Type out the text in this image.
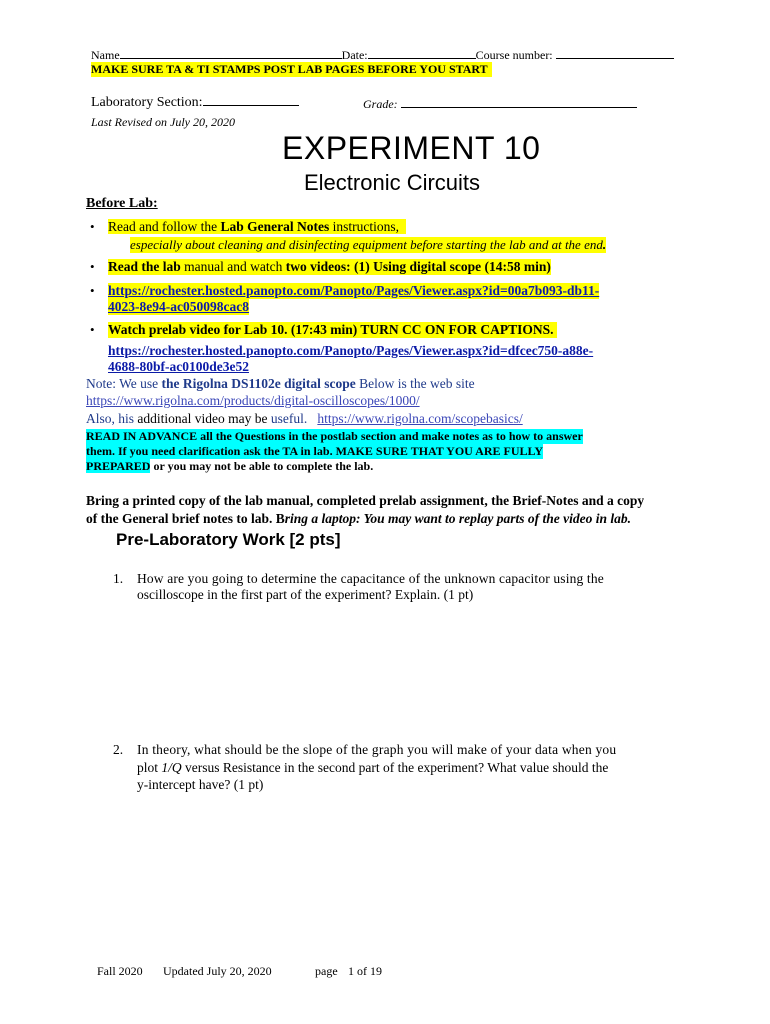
Name	Date:	Course number:
MAKE SURE TA & TI STAMPS POST LAB PAGES BEFORE YOU START
Laboratory Section:	Grade:
Last Revised on July 20, 2020
EXPERIMENT 10
Electronic Circuits
Before Lab:
• Read and follow the Lab General Notes instructions,
especially about cleaning and disinfecting equipment before starting the lab and at the end.
• Read the lab manual and watch two videos: (1) Using digital scope (14:58 min)
• https://rochester.hosted.panopto.com/Panopto/Pages/Viewer.aspx?id=00a7b093-db11-
4023-8e94-ac050098cac8
• Watch prelab video for Lab 10. (17:43 min) TURN CC ON FOR CAPTIONS.
https://rochester.hosted.panopto.com/Panopto/Pages/Viewer.aspx?id=dfcec750-a88e-
4688-80bf-ac0100de3e52
Note: We use the Rigolna DS1102e digital scope Below is the web site
https://www.rigolna.com/products/digital-oscilloscopes/1000/
Also, his additional video may be useful. https://www.rigolna.com/scopebasics/
READ IN ADVANCE all the Questions in the postlab section and make notes as to how to answer
them. If you need clarification ask the TA in lab. MAKE SURE THAT YOU ARE FULLY
PREPARED or you may not be able to complete the lab.
Bring a printed copy of the lab manual, completed prelab assignment, the Brief-Notes and a copy
of the General brief notes to lab. Bring a laptop: You may want to replay parts of the video in lab.
Pre-Laboratory Work [2 pts]
1. How are you going to determine the capacitance of the unknown capacitor using the
oscilloscope in the first part of the experiment? Explain. (1 pt)
2. In theory, what should be the slope of the graph you will make of your data when you
plot 1/Q versus Resistance in the second part of the experiment? What value should the
y-intercept have? (1 pt)
Fall 2020 Updated July 20, 2020	page 1 of 19
